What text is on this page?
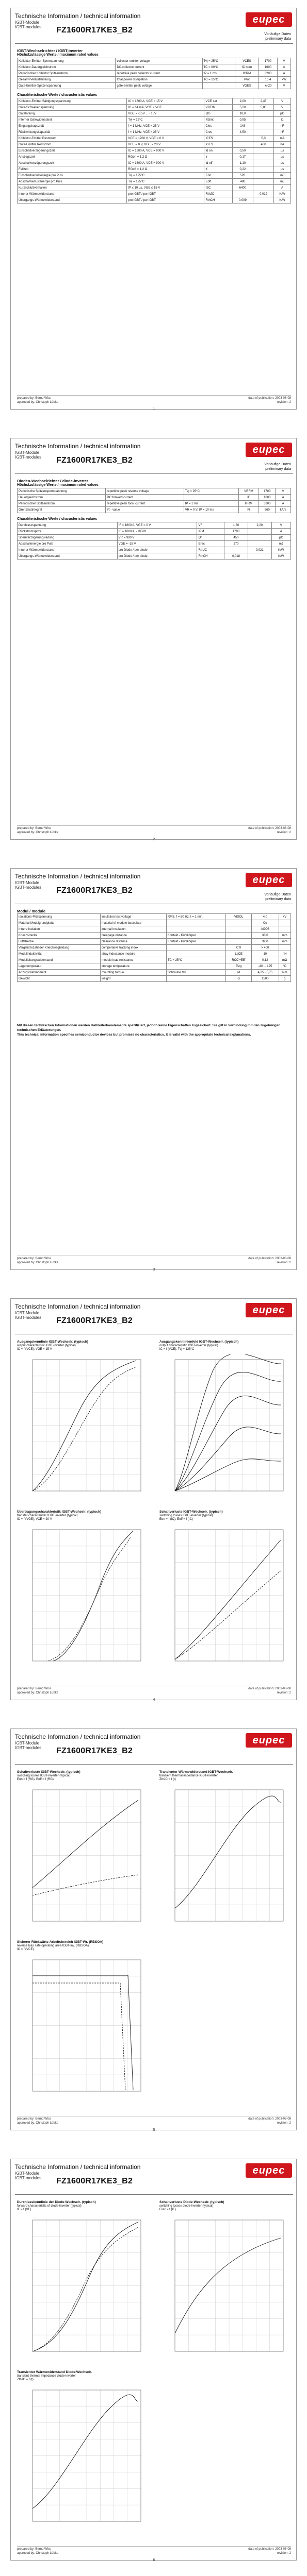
Technische Information / technical information
IGBT-Module
IGBT-modules	FZ1600R17KE3_B2
eupec
Vorläufige Daten
preliminary data
IGBT-Wechselrichter / IGBT-inverter
Höchstzulässige Werte / maximum rated values
Kollektor-Emitter-Sperrspannung	collector-emitter voltage	Tvj = 25°C	VCES	1700	V
Kollektor-Dauergleichstrom	DC-collector current	TC = 80°C	IC nom	1600	A
Periodischer Kollektor Spitzenstrom	repetitive peak collector current	tP = 1 ms	ICRM	3200	A
Gesamt-Verlustleistung	total power dissipation	TC = 25°C	Ptot	10,4	kW
Gate-Emitter-Spitzenspannung	gate-emitter peak voltage		VGES	+/-20	V
Charakteristische Werte / characteristic values
Kollektor-Emitter Sättigungsspannung	IC = 1600 A, VGE = 15 V	VCE sat	2,00	2,45	V
Gate-Schwellenspannung	IC = 64 mA, VCE = VGE	VGEth	5,20	5,80	V
Gateladung	VGE = -15V ... +15V	QG	18,0		µC
Interner Gatewiderstand	Tvj = 25°C	RGint	0,95		Ω
Eingangskapazität	f = 1 MHz, VCE = 25 V	Cies	148		nF
Rückwirkungskapazität	f = 1 MHz, VCE = 25 V	Cres	4,50		nF
Kollektor-Emitter Reststrom	VCE = 1700 V, VGE = 0 V	ICES		5,0	mA
Gate-Emitter Reststrom	VCE = 0 V, VGE = 20 V	IGES		400	nA
Einschaltverzögerungszeit	IC = 1600 A, VCE = 900 V	td on	0,50		µs
Anstiegszeit	RGon = 1,2 Ω	tr	0,17		µs
Abschaltverzögerungszeit	IC = 1600 A, VCE = 900 V	td off	1,10		µs
Fallzeit	RGoff = 1,2 Ω	tf	0,22		µs
Einschaltverlustenergie pro Puls	Tvj = 125°C	Eon	520		mJ
Abschaltverlustenergie pro Puls	Tvj = 125°C	Eoff	480		mJ
Kurzschlußverhalten	tP ≤ 10 µs, VGE ≤ 15 V	ISC	6400		A
Innerer Wärmewiderstand	pro IGBT / per IGBT	RthJC		0,012	K/W
Übergangs-Wärmewiderstand	pro IGBT / per IGBT	RthCH	0,009		K/W
prepared by: Bernd Wiss	date of publication: 2003-08-08
approved by: Christoph Lübke	revision: 2
1
Technische Information / technical information
IGBT-Module
IGBT-modules	FZ1600R17KE3_B2
eupec
Vorläufige Daten
preliminary data
Dioden-Wechselrichter / diode-inverter
Höchstzulässige Werte / maximum rated values
Periodische Spitzensperrspannung	repetitive peak reverse voltage	Tvj = 25°C	VRRM	1700	V
Dauergleichstrom	DC forward current		IF	1600	A
Periodischer Spitzenstrom	repetitive peak forw. current	tP = 1 ms	IFRM	3200	A
Grenzlastintegral	I²t - value	VR = 0 V, tP = 10 ms	I²t	560	kA²s
Charakteristische Werte / characteristic values
Durchlassspannung	IF = 1600 A, VGE = 0 V	VF	1,80	2,20	V
Rückstromspitze	IF = 1600 A, - diF/dt	IRM	1700		A
Sperrverzögerungsladung	VR = 900 V	Qr	450		µC
Abschaltenergie pro Puls	VGE = -15 V	Erec	270		mJ
Innerer Wärmewiderstand	pro Diode / per diode	RthJC		0,021	K/W
Übergangs-Wärmewiderstand	pro Diode / per diode	RthCH	0,018		K/W
prepared by: Bernd Wiss	date of publication: 2003-08-08
approved by: Christoph Lübke	revision: 2
2
Technische Information / technical information
IGBT-Module
IGBT-modules	FZ1600R17KE3_B2
eupec
Vorläufige Daten
preliminary data
Modul / module
Isolations-Prüfspannung	insulation test voltage	RMS, f = 50 Hz, t = 1 min.	VISOL	4,0	kV
Material Modulgrundplatte	material of module baseplate			Cu	
Innere Isolation	internal insulation			Al2O3	
Kriechstrecke	creepage distance	Kontakt - Kühlkörper		33,0	mm
Luftstrecke	clearance distance	Kontakt - Kühlkörper		32,0	mm
Vergleichszahl der Kriechwegbildung	comperative tracking index		CTI	> 400	
Modulinduktivität	stray inductance module		LsCE	10	nH
Modulleitungswiderstand	module lead resistance	TC = 25°C	RCC'+EE'	0,12	mΩ
Lagertemperatur	storage temperature		Tstg	-40 ... 125	°C
Anzugsdrehmoment	mounting torque	Schraube M6	M	4,25 - 5,75	Nm
Gewicht	weight		G	1500	g
Mit diesen technischen Informationen werden Halbleiterbauelemente spezifiziert, jedoch keine Eigenschaften zugesichert. Sie gilt in Verbindung mit den zugehörigen technischen Erläuterungen.
This technical information specifies semiconductor devices but promises no characteristics. It is valid with the appropriate technical explanations.
prepared by: Bernd Wiss	date of publication: 2003-08-08
approved by: Christoph Lübke	revision: 2
3
Technische Information / technical information
IGBT-Module
IGBT-modules	FZ1600R17KE3_B2
eupec
Ausgangskennlinie IGBT-Wechselr. (typisch)
output characteristic IGBT-inverter (typical)
IC = f (VCE), VGE = 15 V
Ausgangskennlinienfeld IGBT-Wechselr. (typisch)
output characteristic IGBT-inverter (typical)
IC = f (VCE), Tvj = 125°C
Übertragungscharakteristik IGBT-Wechselr. (typisch)
transfer characteristic IGBT-inverter (typical)
IC = f (VGE), VCE = 20 V
Schaltverluste IGBT-Wechselr. (typisch)
switching losses IGBT-inverter (typical)
Eon = f (IC), Eoff = f (IC)
prepared by: Bernd Wiss	date of publication: 2003-08-08
approved by: Christoph Lübke	revision: 2
4
Technische Information / technical information
IGBT-Module
IGBT-modules	FZ1600R17KE3_B2
eupec
Schaltverluste IGBT-Wechselr. (typisch)
switching losses IGBT-inverter (typical)
Eon = f (RG), Eoff = f (RG)
Transienter Wärmewiderstand IGBT-Wechselr.
transient thermal impedance IGBT-inverter
ZthJC = f (t)
Sicherer Rückwärts-Arbeitsbereich IGBT-Wr. (RBSOA)
reverse bias safe operating area IGBT-inv. (RBSOA)
IC = f (VCE)
prepared by: Bernd Wiss	date of publication: 2003-08-08
approved by: Christoph Lübke	revision: 2
5
Technische Information / technical information
IGBT-Module
IGBT-modules	FZ1600R17KE3_B2
eupec
Durchlasskennlinie der Diode-Wechselr. (typisch)
forward characteristic of diode-inverter (typical)
IF = f (VF)
Schaltverluste Diode-Wechselr. (typisch)
switching losses diode-inverter (typical)
Erec = f (IF)
Transienter Wärmewiderstand Diode-Wechselr.
transient thermal impedance diode-inverter
ZthJC = f (t)
prepared by: Bernd Wiss	date of publication: 2003-08-08
approved by: Christoph Lübke	revision: 2
6
